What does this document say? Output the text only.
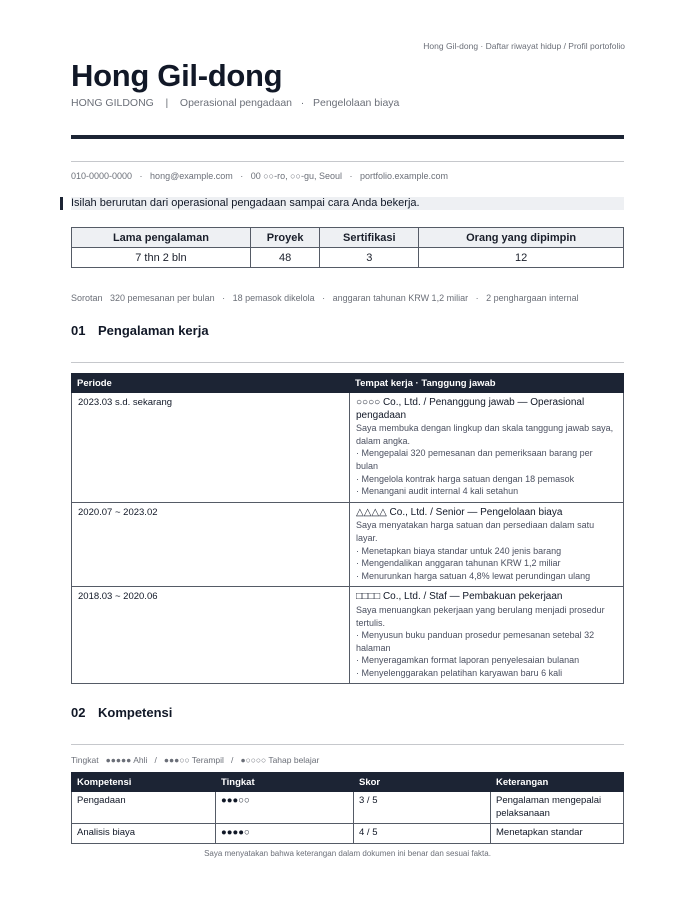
Hong Gil-dong · Daftar riwayat hidup / Profil portofolio
Hong Gil-dong
HONG GILDONG    |    Operasional pengadaan   ·   Pengelolaan biaya
010-0000-0000   ·   hong@example.com   ·   00 ○○-ro, ○○-gu, Seoul   ·   portfolio.example.com
Isilah berurutan dari operasional pengadaan sampai cara Anda bekerja.
Lama pengalaman	Proyek	Sertifikasi	Orang yang dipimpin
7 thn 2 bln	48	3	12
Sorotan   320 pemesanan per bulan   ·   18 pemasok dikelola   ·   anggaran tahunan KRW 1,2 miliar   ·   2 penghargaan internal
01 Pengalaman kerja
Periode	Tempat kerja · Tanggung jawab
2023.03 s.d. sekarang	○○○○ Co., Ltd. / Penanggung jawab — Operasional pengadaan
Saya membuka dengan lingkup dan skala tanggung jawab saya, dalam angka.
· Mengepalai 320 pemesanan dan pemeriksaan barang per bulan
· Mengelola kontrak harga satuan dengan 18 pemasok
· Menangani audit internal 4 kali setahun

2020.07 ~ 2023.02	△△△△ Co., Ltd. / Senior — Pengelolaan biaya
Saya menyatakan harga satuan dan persediaan dalam satu layar.
· Menetapkan biaya standar untuk 240 jenis barang
· Mengendalikan anggaran tahunan KRW 1,2 miliar
· Menurunkan harga satuan 4,8% lewat perundingan ulang

2018.03 ~ 2020.06	□□□□ Co., Ltd. / Staf — Pembakuan pekerjaan
Saya menuangkan pekerjaan yang berulang menjadi prosedur tertulis.
· Menyusun buku panduan prosedur pemesanan setebal 32 halaman
· Menyeragamkan format laporan penyelesaian bulanan
· Menyelenggarakan pelatihan karyawan baru 6 kali
02 Kompetensi
Tingkat   ●●●●● Ahli   /   ●●●○○ Terampil   /   ●○○○○ Tahap belajar
Kompetensi	Tingkat	Skor	Keterangan
Pengadaan	●●●○○	3 / 5	Pengalaman mengepalai pelaksanaan
Analisis biaya	●●●●○	4 / 5	Menetapkan standar
Saya menyatakan bahwa keterangan dalam dokumen ini benar dan sesuai fakta.
